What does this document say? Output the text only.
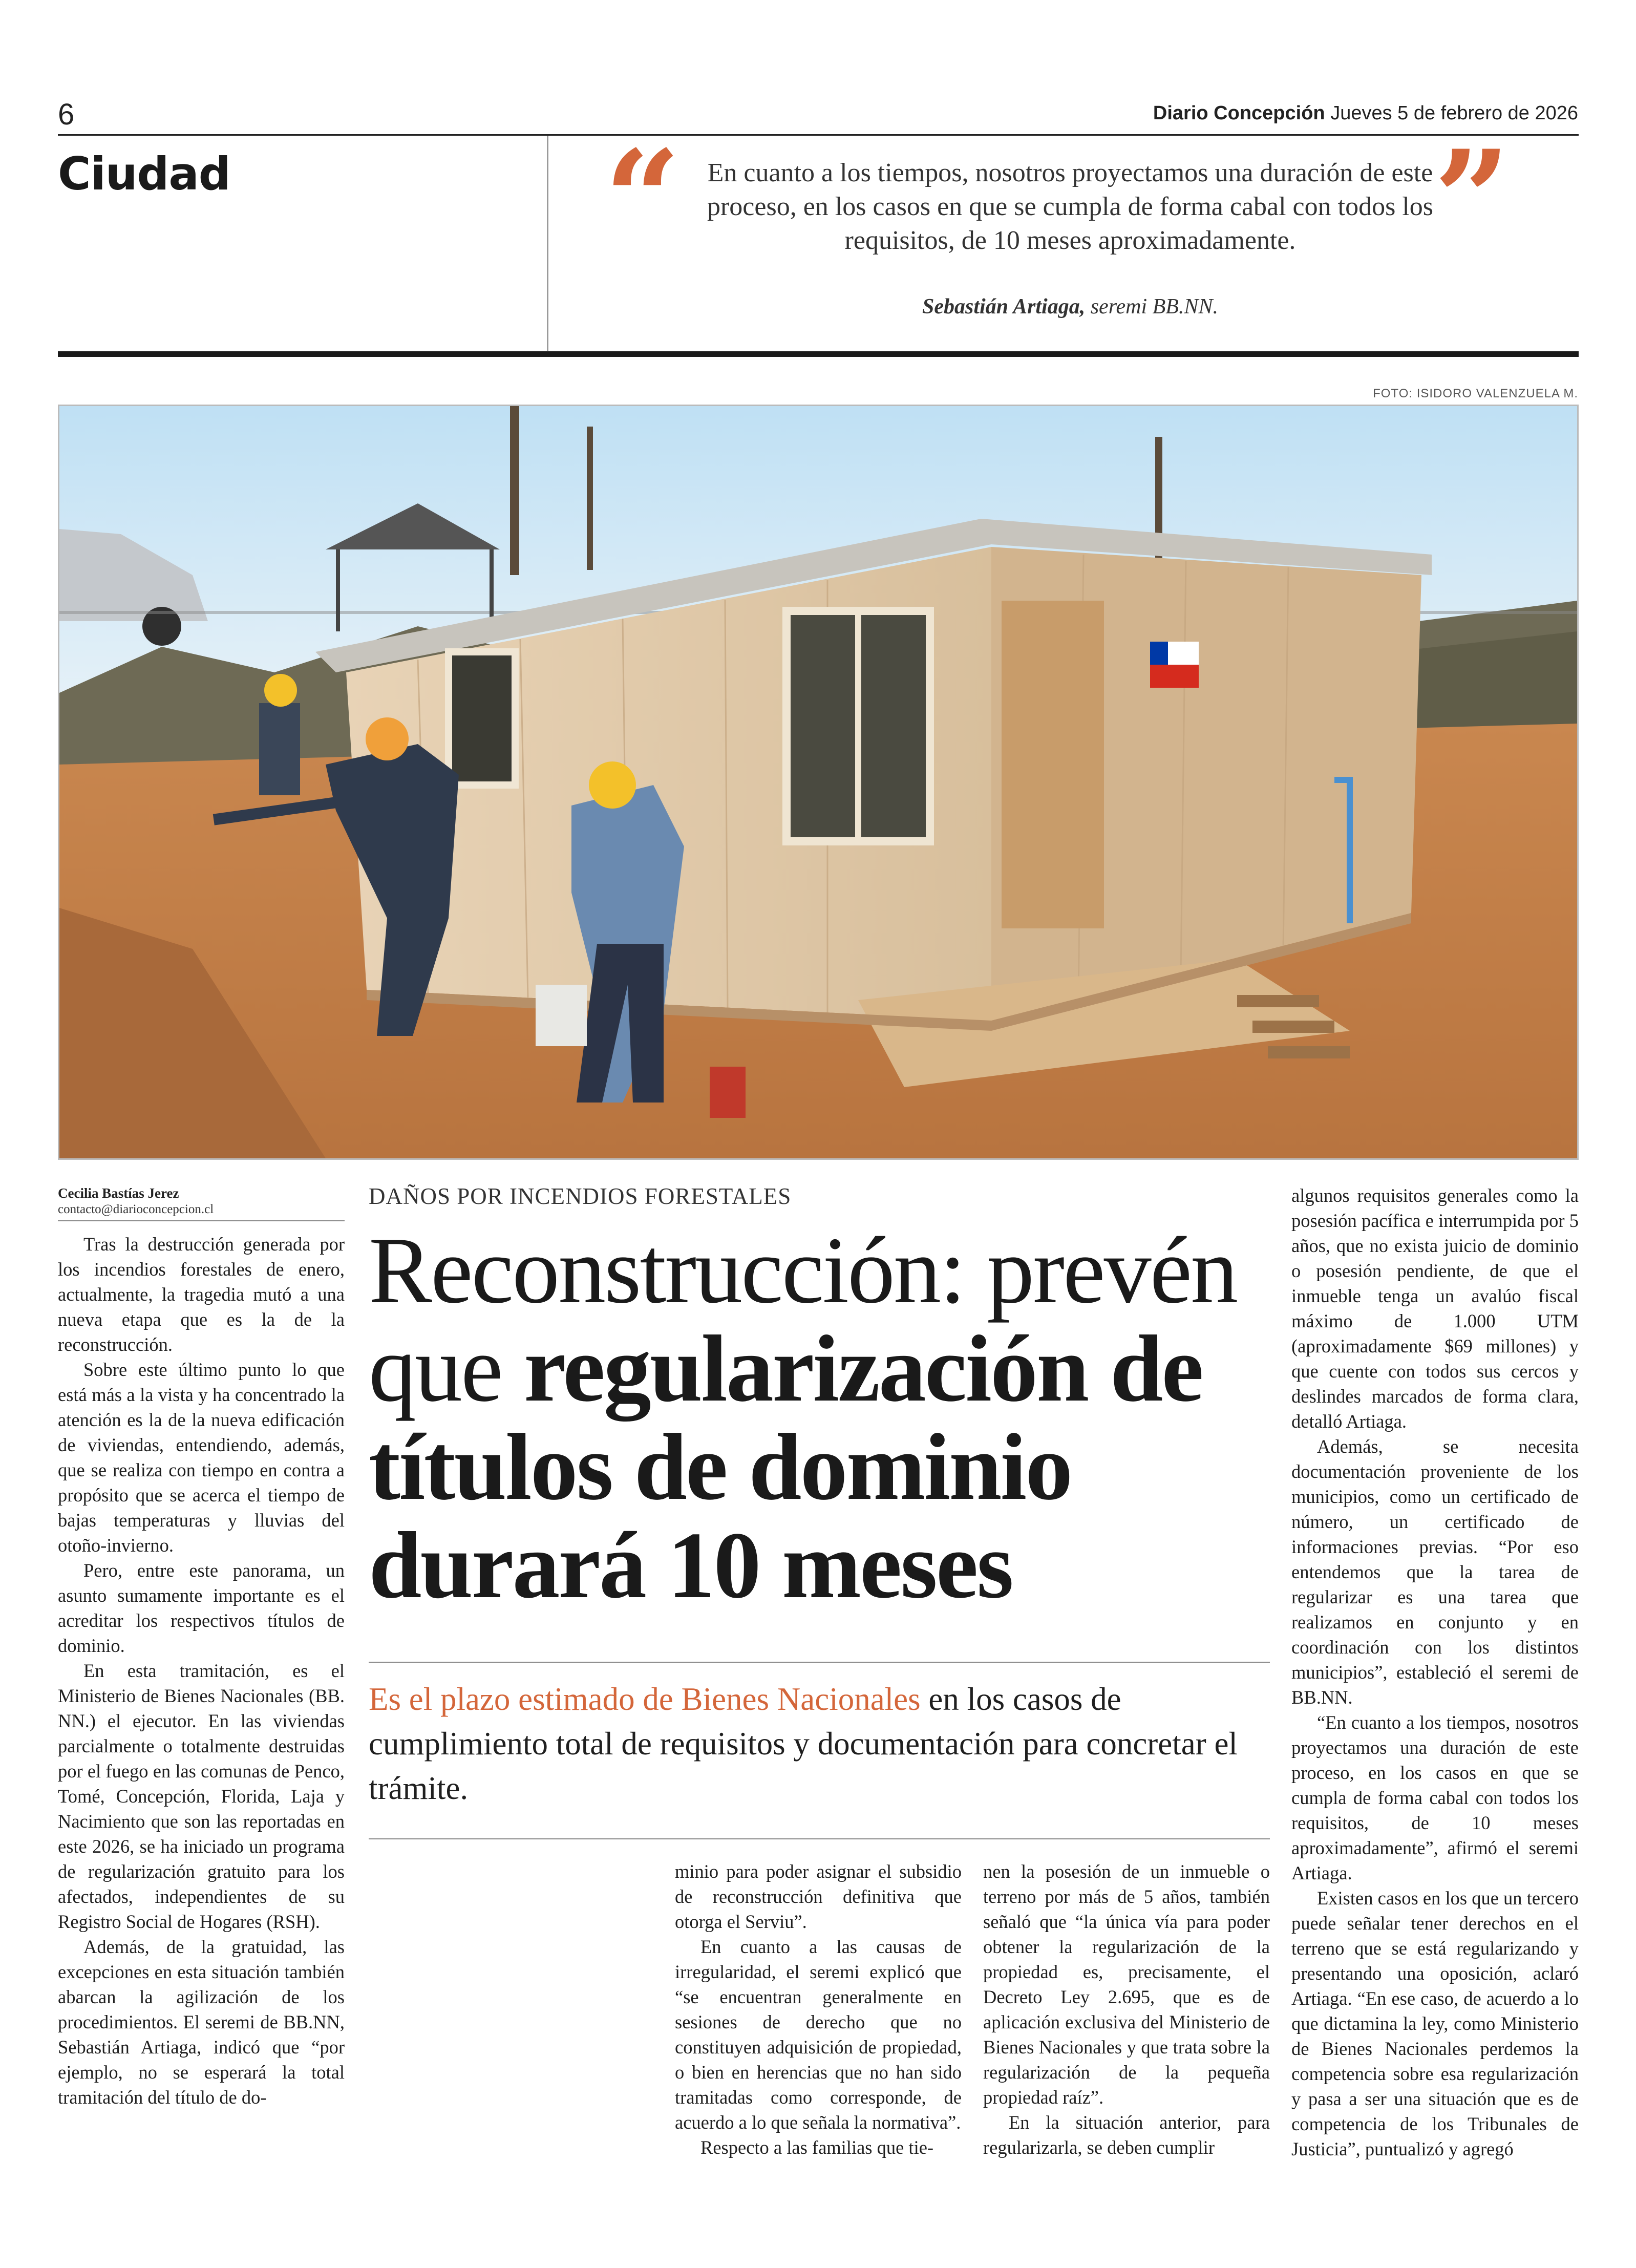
6	Diario Concepción Jueves 5 de febrero de 2026
Ciudad	“	”
En cuanto a los tiempos, nosotros proyectamos una duración de este proceso, en los casos en que se cumpla de forma cabal con todos los requisitos, de 10 meses aproximadamente.
Sebastián Artiaga, seremi BB.NN.
FOTO: ISIDORO VALENZUELA M.
Cecilia Bastías Jerez
contacto@diarioconcepcion.cl
DAÑOS POR INCENDIOS FORESTALES
Reconstrucción: prevén que regularización de títulos de dominio durará 10 meses
Es el plazo estimado de Bienes Nacionales en los casos de cumplimiento total de requisitos y documentación para concretar el trámite.

Tras la destrucción generada por los incendios forestales de enero, actualmente, la tragedia mutó a una nueva etapa que es la de la reconstrucción.

Sobre este último punto lo que está más a la vista y ha concentrado la atención es la de la nueva edificación de viviendas, entendiendo, además, que se realiza con tiempo en contra a propósito que se acerca el tiempo de bajas temperaturas y lluvias del otoño-invierno.

Pero, entre este panorama, un asunto sumamente importante es el acreditar los respectivos títulos de dominio.

En esta tramitación, es el Ministerio de Bienes Nacionales (BB. NN.) el ejecutor. En las viviendas parcialmente o totalmente destruidas por el fuego en las comunas de Penco, Tomé, Concepción, Florida, Laja y Nacimiento que son las reportadas en este 2026, se ha iniciado un programa de regularización gratuito para los afectados, independientes de su Registro Social de Hogares (RSH).

Además, de la gratuidad, las excepciones en esta situación también abarcan la agilización de los procedimientos. El seremi de BB.NN, Sebastián Artiaga, indicó que “por ejemplo, no se esperará la total tramitación del título de do-

minio para poder asignar el subsidio de reconstrucción definitiva que otorga el Serviu”.

En cuanto a las causas de irregularidad, el seremi explicó que “se encuentran generalmente en sesiones de derecho que no constituyen adquisición de propiedad, o bien en herencias que no han sido tramitadas como corresponde, de acuerdo a lo que señala la normativa”.

Respecto a las familias que tie-

nen la posesión de un inmueble o terreno por más de 5 años, también señaló que “la única vía para poder obtener la regularización de la propiedad es, precisamente, el Decreto Ley 2.695, que es de aplicación exclusiva del Ministerio de Bienes Nacionales y que trata sobre la regularización de la pequeña propiedad raíz”.

En la situación anterior, para regularizarla, se deben cumplir

algunos requisitos generales como la posesión pacífica e interrumpida por 5 años, que no exista juicio de dominio o posesión pendiente, de que el inmueble tenga un avalúo fiscal máximo de 1.000 UTM (aproximadamente $69 millones) y que cuente con todos sus cercos y deslindes marcados de forma clara, detalló Artiaga.

Además, se necesita documentación proveniente de los municipios, como un certificado de número, un certificado de informaciones previas. “Por eso entendemos que la tarea de regularizar es una tarea que realizamos en conjunto y en coordinación con los distintos municipios”, estableció el seremi de BB.NN.

“En cuanto a los tiempos, nosotros proyectamos una duración de este proceso, en los casos en que se cumpla de forma cabal con todos los requisitos, de 10 meses aproximadamente”, afirmó el seremi Artiaga.

Existen casos en los que un tercero puede señalar tener derechos en el terreno que se está regularizando y presentando una oposición, aclaró Artiaga. “En ese caso, de acuerdo a lo que dictamina la ley, como Ministerio de Bienes Nacionales perdemos la competencia sobre esa regularización y pasa a ser una situación que es de competencia de los Tribunales de Justicia”, puntualizó y agregó
